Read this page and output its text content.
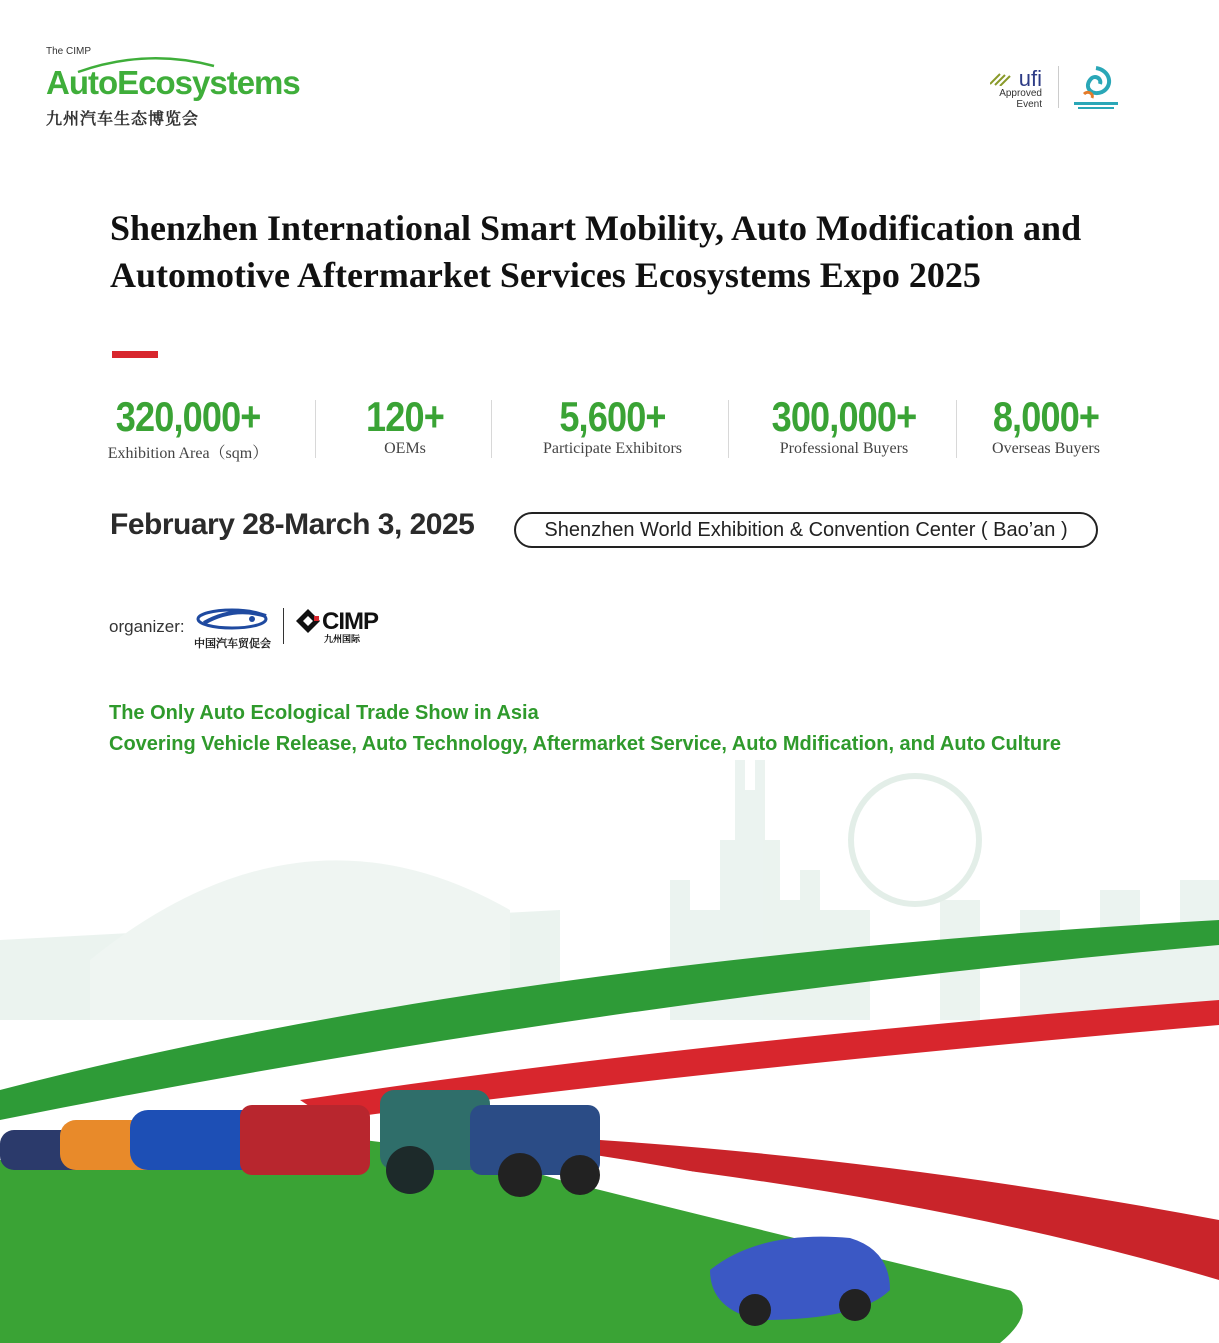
The CIMP
AutoEcosystems
九州汽车生态博览会
ufi
Approved
Event
Shenzhen International Smart Mobility, Auto Modification and
Automotive Aftermarket Services Ecosystems Expo 2025
320,000+
Exhibition Area（sqm）
120+
OEMs
5,600+
Participate Exhibitors
300,000+
Professional Buyers
8,000+
Overseas Buyers
February 28-March 3, 2025	Shenzhen World Exhibition & Convention Center ( Bao’an )
organizer:
中国汽车贸促会
CIMP
九州国际
The Only Auto Ecological Trade Show in Asia
Covering Vehicle Release, Auto Technology, Aftermarket Service, Auto Mdification, and Auto Culture
